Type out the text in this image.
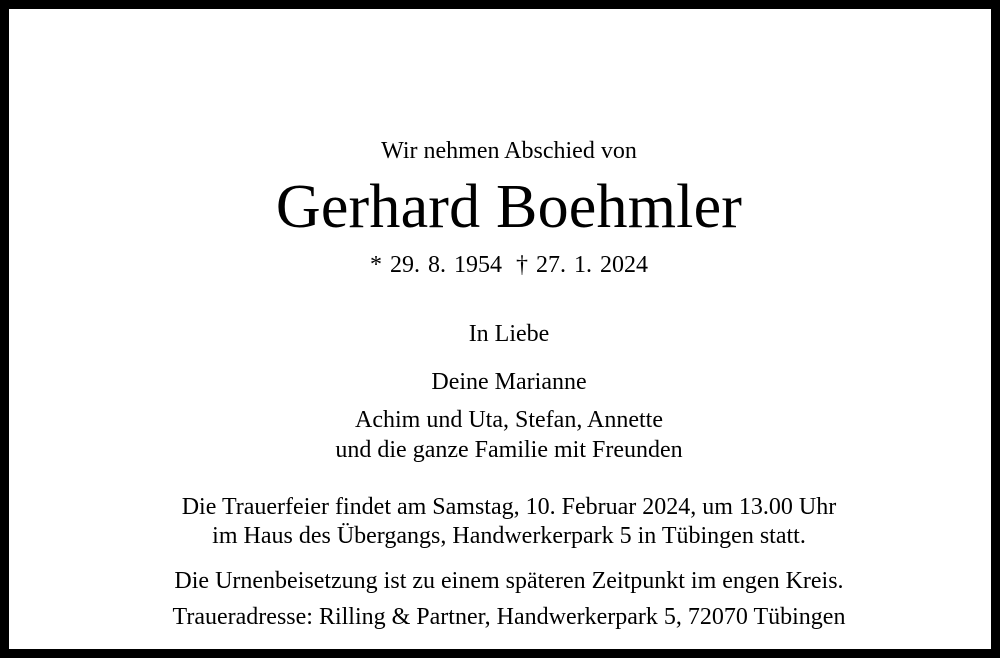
Wir nehmen Abschied von
Gerhard Boehmler
* 29. 8. 1954 † 27. 1. 2024
In Liebe
Deine Marianne
Achim und Uta, Stefan, Annette
und die ganze Familie mit Freunden
Die Trauerfeier findet am Samstag, 10. Februar 2024, um 13.00 Uhr
im Haus des Übergangs, Handwerkerpark 5 in Tübingen statt.
Die Urnenbeisetzung ist zu einem späteren Zeitpunkt im engen Kreis.
Traueradresse: Rilling & Partner, Handwerkerpark 5, 72070 Tübingen
